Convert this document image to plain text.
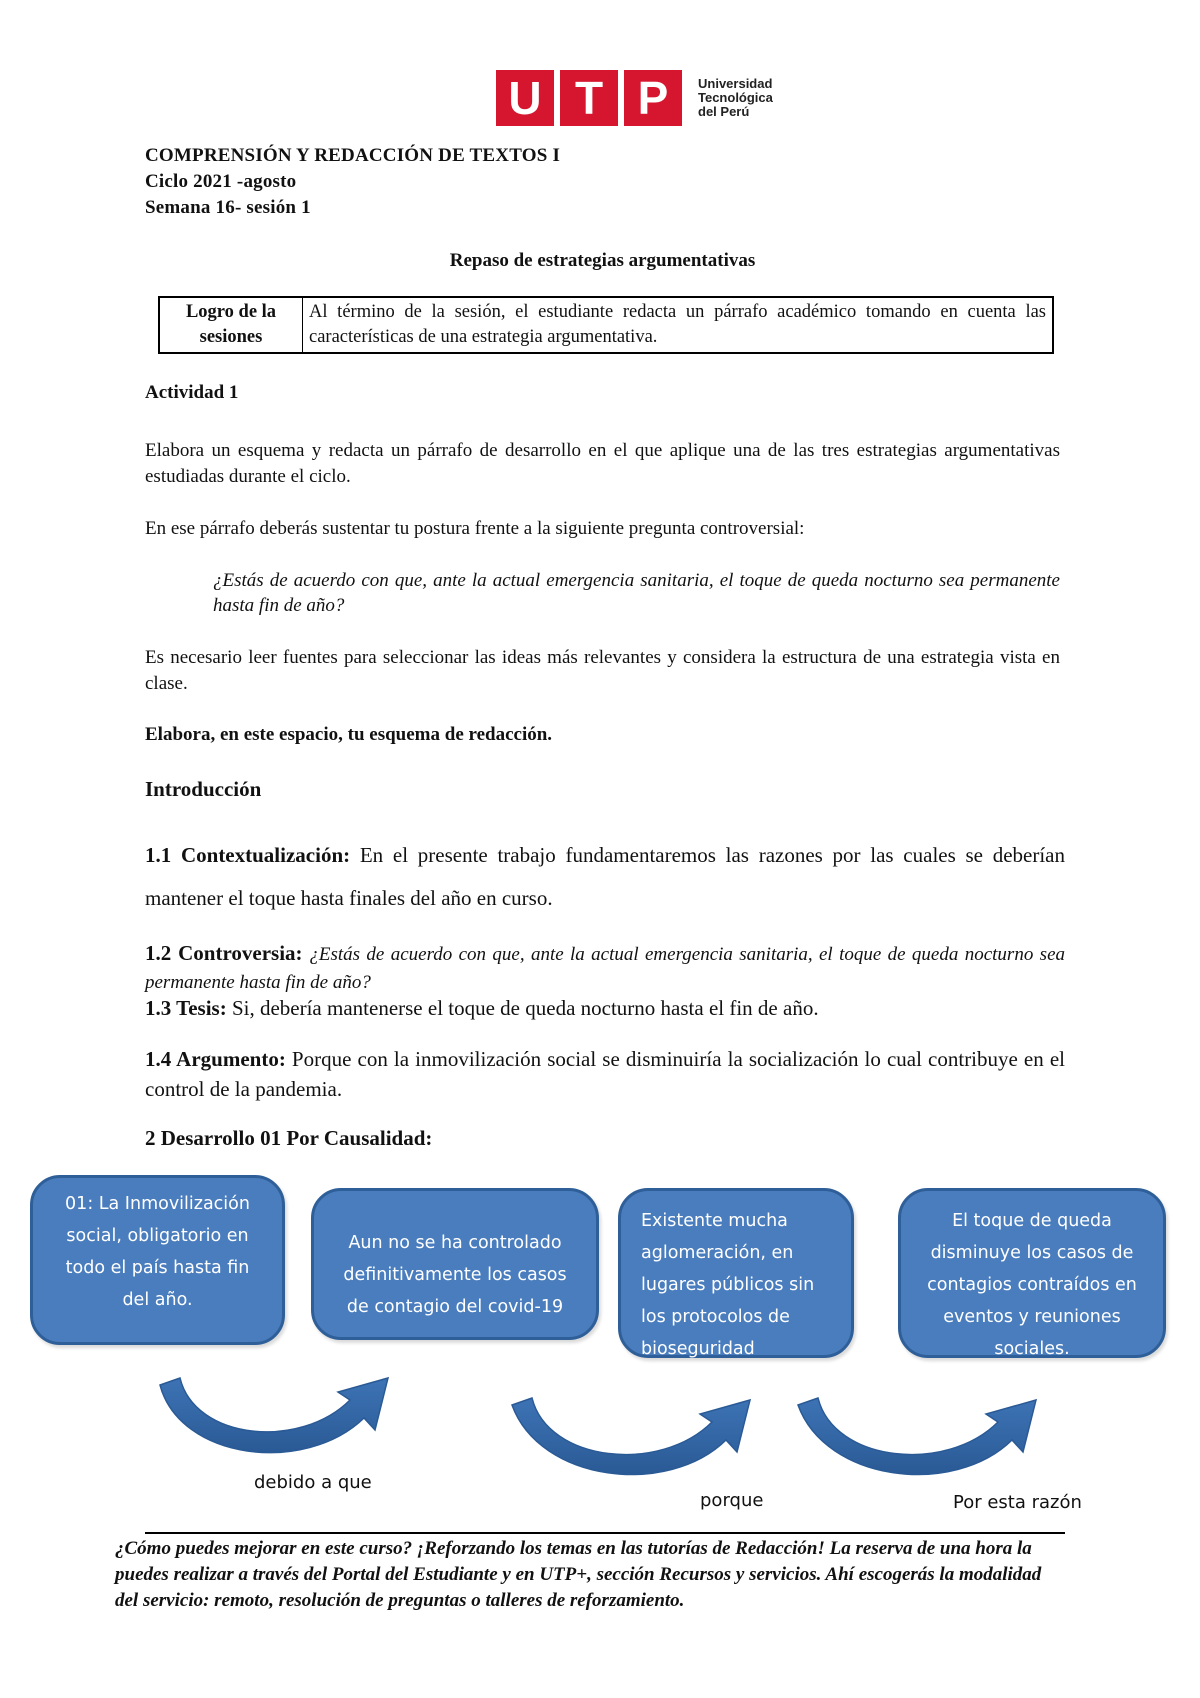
U T P	Universidad
Tecnológica
del Perú
COMPRENSIÓN Y REDACCIÓN DE TEXTOS I
Ciclo 2021 -agosto
Semana 16- sesión 1
Repaso de estrategias argumentativas
Logro de la
sesiones
	Al término de la sesión, el estudiante redacta un párrafo académico tomando en cuenta las características de una estrategia argumentativa.
Actividad 1
Elabora un esquema y redacta un párrafo de desarrollo en el que aplique una de las tres estrategias argumentativas estudiadas durante el ciclo.
En ese párrafo deberás sustentar tu postura frente a la siguiente pregunta controversial:
¿Estás de acuerdo con que, ante la actual emergencia sanitaria, el toque de queda nocturno sea permanente hasta fin de año?
Es necesario leer fuentes para seleccionar las ideas más relevantes y considera la estructura de una estrategia vista en clase.
Elabora, en este espacio, tu esquema de redacción.
Introducción
1.1 Contextualización: En el presente trabajo fundamentaremos las razones por las cuales se deberían mantener el toque hasta finales del año en curso.
1.2 Controversia: ¿Estás de acuerdo con que, ante la actual emergencia sanitaria, el toque de queda nocturno sea permanente hasta fin de año?
1.3 Tesis: Si, debería mantenerse el toque de queda nocturno hasta el fin de año.
1.4 Argumento: Porque con la inmovilización social se disminuiría la socialización lo cual contribuye en el control de la pandemia.
2 Desarrollo 01 Por Causalidad:
01: La Inmovilización
social, obligatorio en
todo el país hasta fin
del año.
Aun no se ha controlado
definitivamente los casos
de contagio del covid-19
Existente mucha
aglomeración, en
lugares públicos sin
los protocolos de
bioseguridad
El toque de queda
disminuye los casos de
contagios contraídos en
eventos y reuniones
sociales.
debido a que
porque	Por esta razón
¿Cómo puedes mejorar en este curso? ¡Reforzando los temas en las tutorías de Redacción! La reserva de una hora la puedes realizar a través del Portal del Estudiante y en UTP+, sección Recursos y servicios. Ahí escogerás la modalidad del servicio: remoto, resolución de preguntas o talleres de reforzamiento.
